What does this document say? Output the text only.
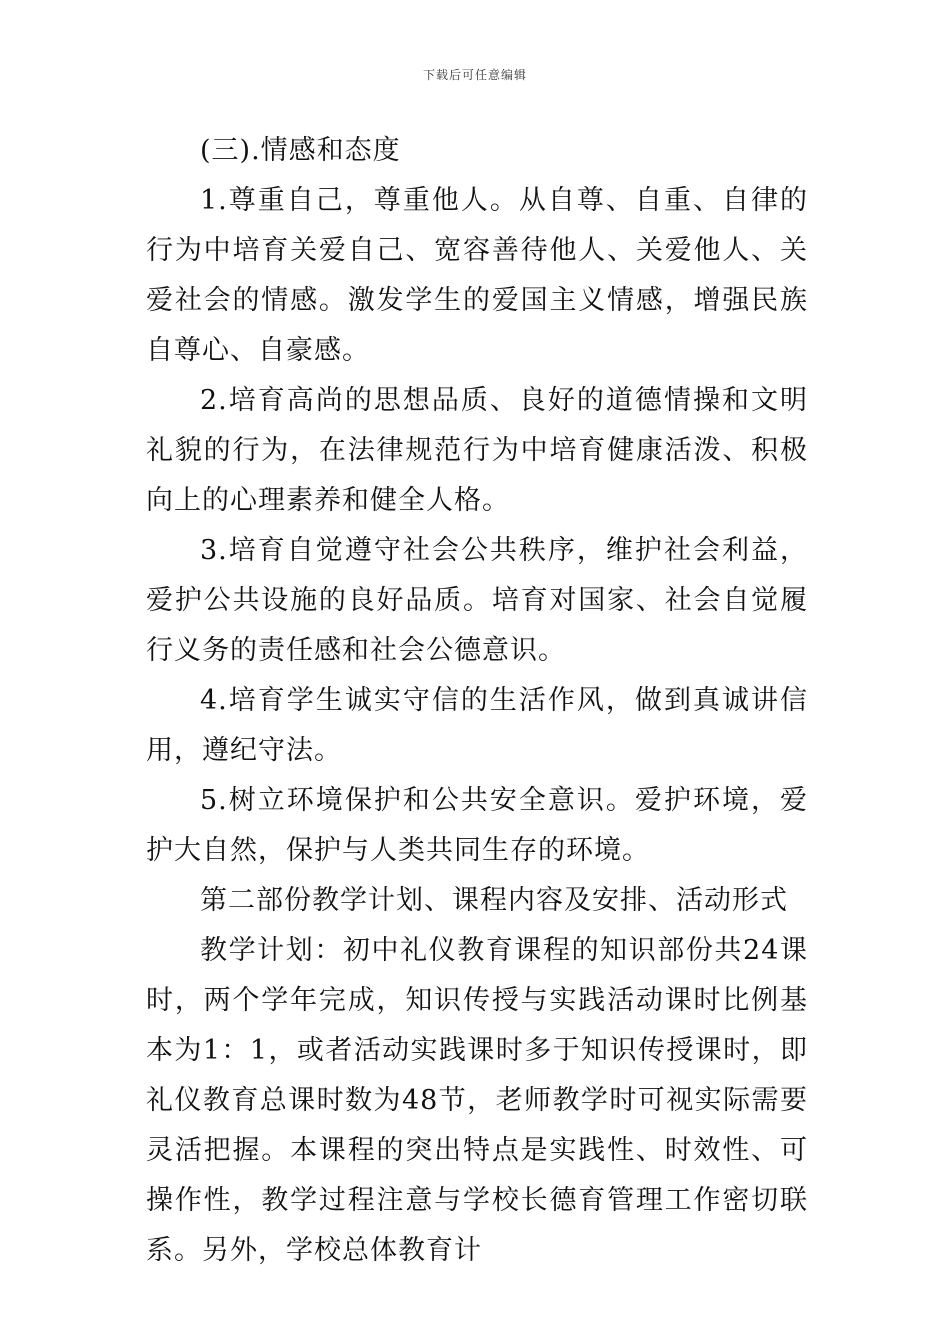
下载后可任意编辑

(三).情感和态度

1.尊重自己，尊重他人。从自尊、自重、自律的行为中培育关爱自己、宽容善待他人、关爱他人、关爱社会的情感。激发学生的爱国主义情感，增强民族自尊心、自豪感。

2.培育高尚的思想品质、良好的道德情操和文明礼貌的行为，在法律规范行为中培育健康活泼、积极向上的心理素养和健全人格。

3.培育自觉遵守社会公共秩序，维护社会利益，爱护公共设施的良好品质。培育对国家、社会自觉履行义务的责任感和社会公德意识。

4.培育学生诚实守信的生活作风，做到真诚讲信用，遵纪守法。

5.树立环境保护和公共安全意识。爱护环境，爱护大自然，保护与人类共同生存的环境。

第二部份教学计划、课程内容及安排、活动形式

教学计划：初中礼仪教育课程的知识部份共24课时，两个学年完成，知识传授与实践活动课时比例基本为1：1，或者活动实践课时多于知识传授课时，即礼仪教育总课时数为48节，老师教学时可视实际需要灵活把握。本课程的突出特点是实践性、时效性、可操作性，教学过程注意与学校长德育管理工作密切联系。另外，学校总体教育计
